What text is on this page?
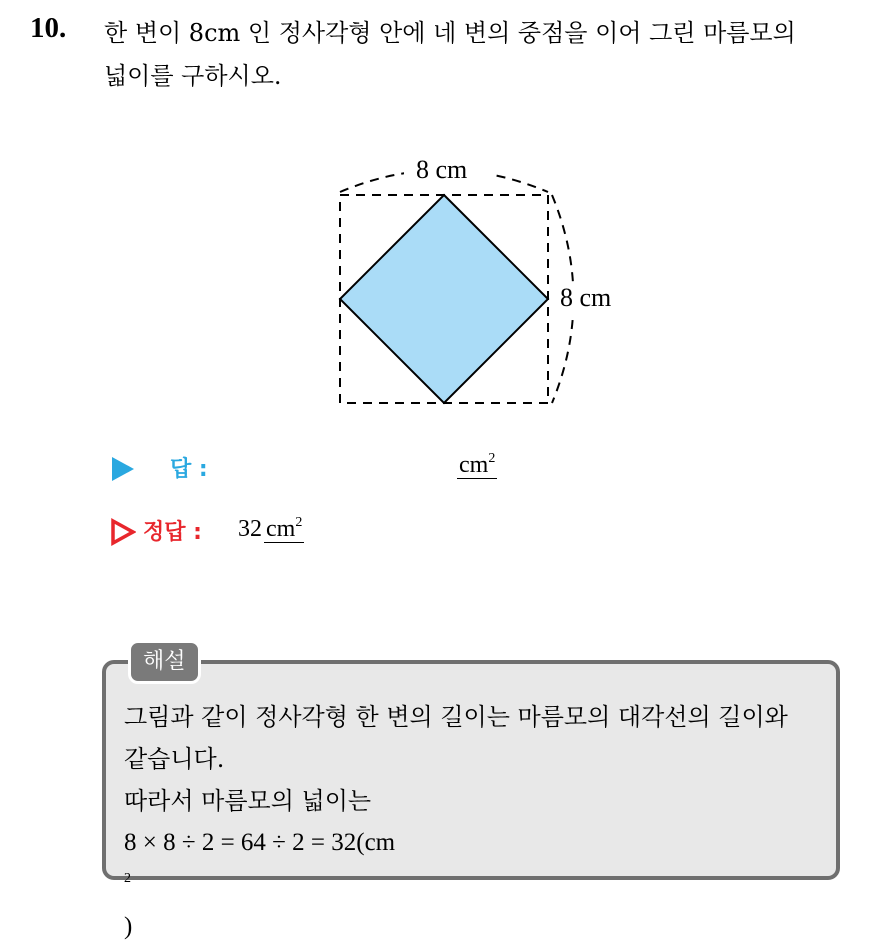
10. 한 변이 8cm 인 정사각형 안에 네 변의 중점을 이어 그린 마름모의
넓이를 구하시오.
8 cm
8 cm
답 :	$cm^2$
정답 : 32 $cm^2$
해설
그림과 같이 정사각형 한 변의 길이는 마름모의 대각선의 길이와
같습니다.
따라서 마름모의 넓이는
8 × 8 ÷ 2 = 64 ÷ 2 = 32(cm
$^2$
)
